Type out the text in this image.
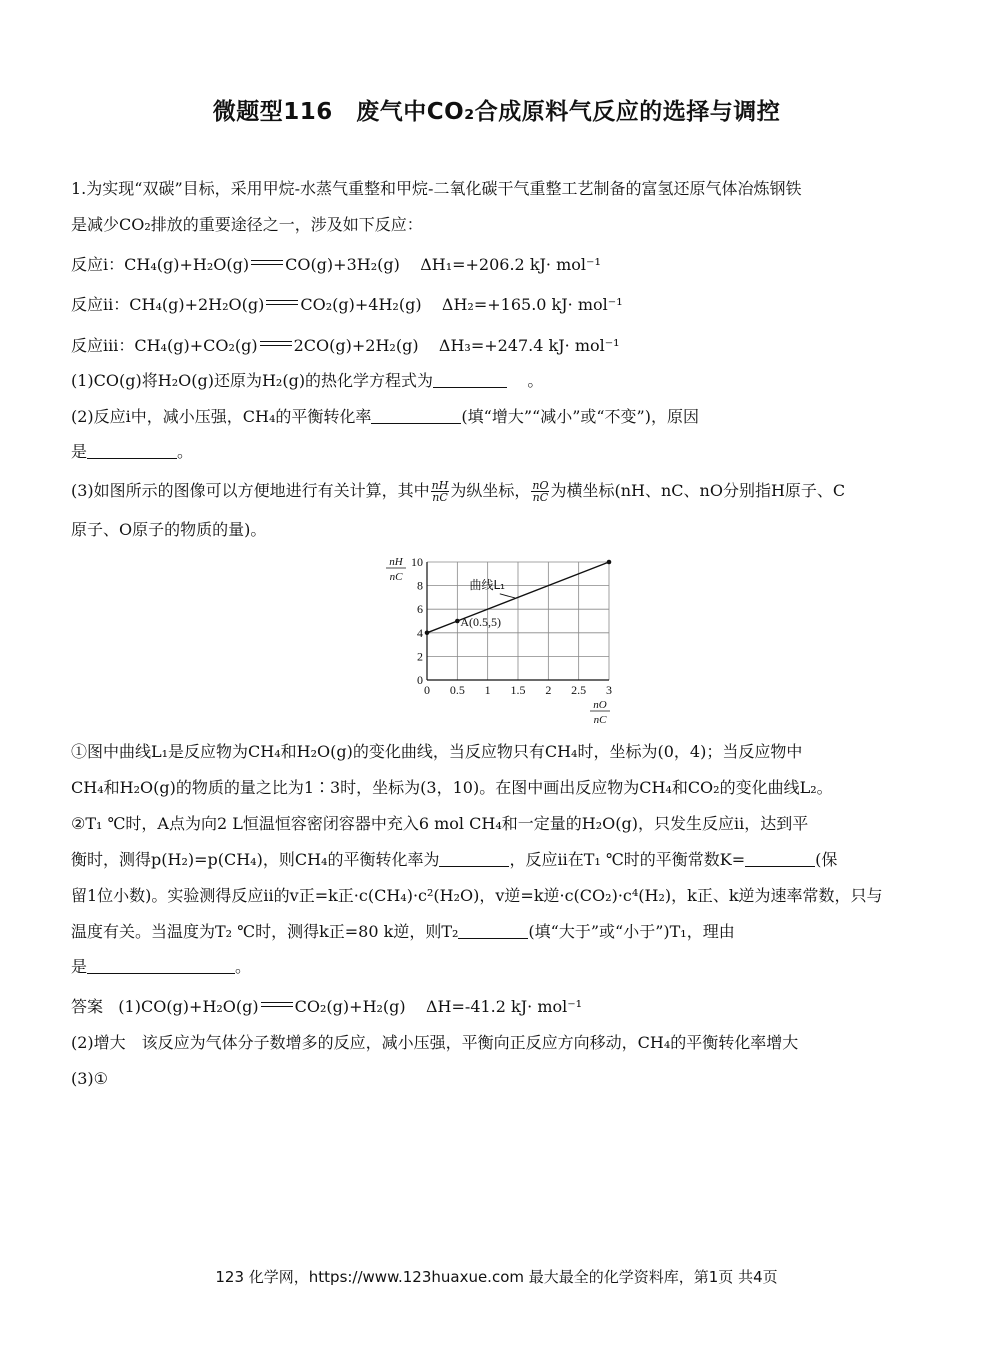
微题型116　废气中CO₂合成原料气反应的选择与调控
1.为实现“双碳”目标，采用甲烷-水蒸气重整和甲烷-二氧化碳干气重整工艺制备的富氢还原气体冶炼钢铁
是减少CO₂排放的重要途径之一，涉及如下反应：
反应ⅰ：CH₄(g)+H₂O(g) CO(g)+3H₂(g) ΔH₁=+206.2 kJ· mol⁻¹
反应ⅱ：CH₄(g)+2H₂O(g) CO₂(g)+4H₂(g) ΔH₂=+165.0 kJ· mol⁻¹
反应ⅲ：CH₄(g)+CO₂(g) 2CO(g)+2H₂(g) ΔH₃=+247.4 kJ· mol⁻¹
(1)CO(g)将H₂O(g)还原为H₂(g)的热化学方程式为	。
(2)反应ⅰ中，减小压强，CH₄的平衡转化率	(填“增大”“减小”或“不变”)，原因
是	。
(3)如图所示的图像可以方便地进行有关计算，其中 $\frac{nH}{nC}$ 为纵坐标， $\frac{nO}{nC}$ 为横坐标(nH、nC、nO分别指H原子、C
原子、O原子的物质的量)。
0 0.5 1 1.5 2 2.5 3
0
2
4
6
8
10
nH
nC
nO
nC
A(0.5,5)
曲线L₁
①图中曲线L₁是反应物为CH₄和H₂O(g)的变化曲线，当反应物只有CH₄时，坐标为(0，4)；当反应物中
CH₄和H₂O(g)的物质的量之比为1∶3时，坐标为(3，10)。在图中画出反应物为CH₄和CO₂的变化曲线L₂。
②T₁ ℃时，A点为向2 L恒温恒容密闭容器中充入6 mol CH₄和一定量的H₂O(g)，只发生反应ⅱ，达到平
衡时，测得p(H₂)=p(CH₄)，则CH₄的平衡转化率为	，反应ⅱ在T₁ ℃时的平衡常数K=	(保
留1位小数)。实验测得反应ⅱ的v正=k正·c(CH₄)·c²(H₂O)，v逆=k逆·c(CO₂)·c⁴(H₂)，k正、k逆为速率常数，只与
温度有关。当温度为T₂ ℃时，测得k正=80 k逆，则T₂	(填“大于”或“小于”)T₁，理由
是	。
答案 (1)CO(g)+H₂O(g) CO₂(g)+H₂(g) ΔH=-41.2 kJ· mol⁻¹
(2)增大　该反应为气体分子数增多的反应，减小压强，平衡向正反应方向移动，CH₄的平衡转化率增大
(3)①
123 化学网，https://www.123huaxue.com 最大最全的化学资料库，第1页 共4页
